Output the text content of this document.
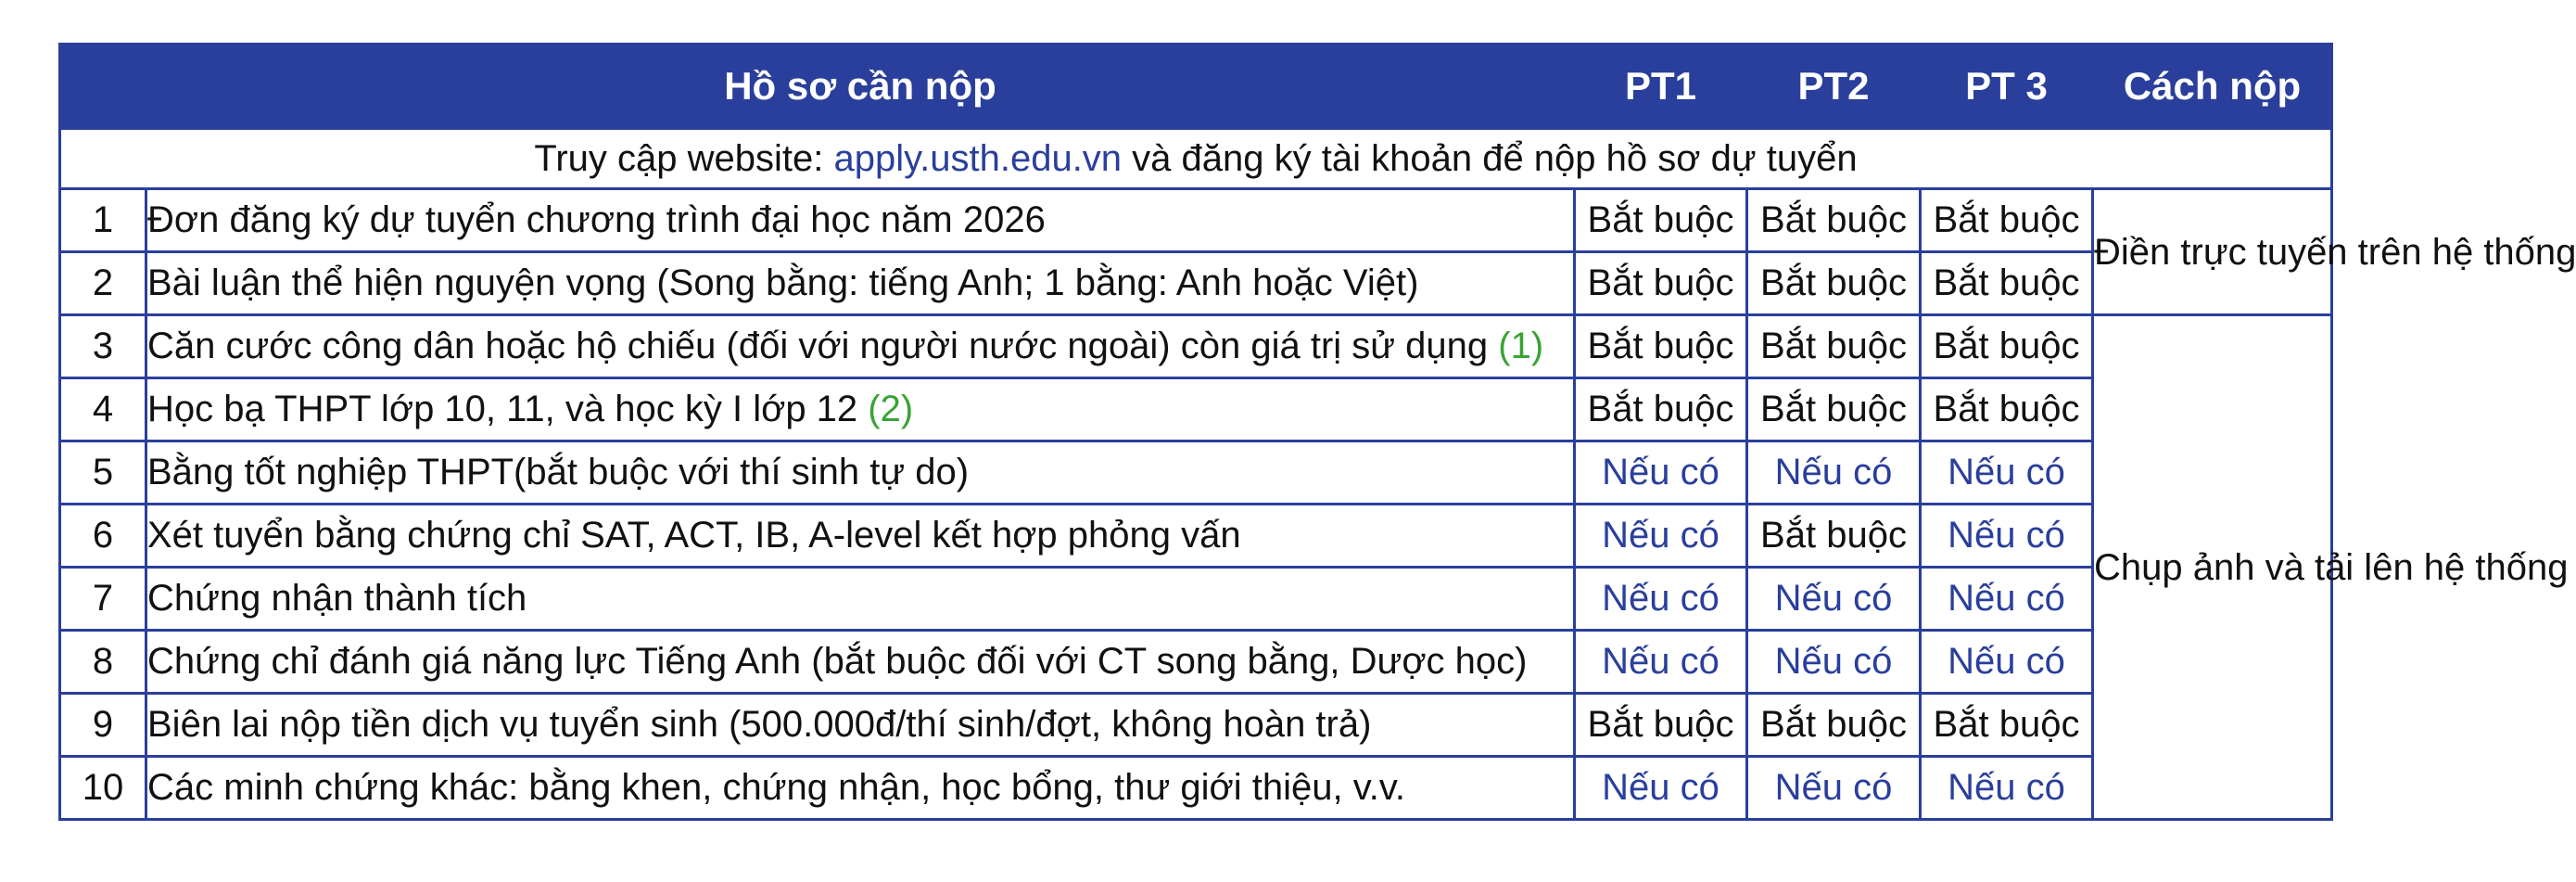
	Hồ sơ cần nộp	PT1	PT2	PT 3	Cách nộp
Truy cập website: apply.usth.edu.vn và đăng ký tài khoản để nộp hồ sơ dự tuyển					
1	Đơn đăng ký dự tuyển chương trình đại học năm 2026	Bắt buộc	Bắt buộc	Bắt buộc	Điền trực tuyến trên hệ thống
2	Bài luận thể hiện nguyện vọng (Song bằng: tiếng Anh; 1 bằng: Anh hoặc Việt)	Bắt buộc	Bắt buộc	Bắt buộc	
3	Căn cước công dân hoặc hộ chiếu (đối với người nước ngoài) còn giá trị sử dụng (1)	Bắt buộc	Bắt buộc	Bắt buộc	Chụp ảnh và tải lên hệ thống
4	Học bạ THPT lớp 10, 11, và học kỳ I lớp 12 (2)	Bắt buộc	Bắt buộc	Bắt buộc	
5	Bằng tốt nghiệp THPT(bắt buộc với thí sinh tự do)	Nếu có	Nếu có	Nếu có	
6	Xét tuyển bằng chứng chỉ SAT, ACT, IB, A-level kết hợp phỏng vấn	Nếu có	Bắt buộc	Nếu có	
7	Chứng nhận thành tích	Nếu có	Nếu có	Nếu có	
8	Chứng chỉ đánh giá năng lực Tiếng Anh (bắt buộc đối với CT song bằng, Dược học)	Nếu có	Nếu có	Nếu có	
9	Biên lai nộp tiền dịch vụ tuyển sinh (500.000đ/thí sinh/đợt, không hoàn trả)	Bắt buộc	Bắt buộc	Bắt buộc	
10	Các minh chứng khác: bằng khen, chứng nhận, học bổng, thư giới thiệu, v.v.	Nếu có	Nếu có	Nếu có	
